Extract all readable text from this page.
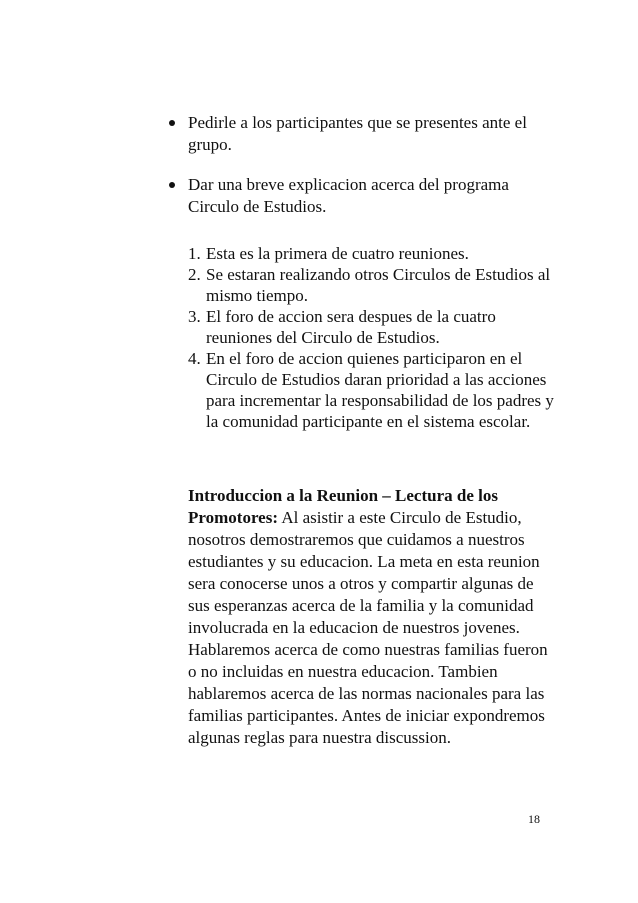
Pedirle a los participantes que se presentes ante el grupo.
Dar una breve explicacion acerca del programa Circulo de Estudios.
1. Esta es la primera de cuatro reuniones.
2. Se estaran realizando otros Circulos de Estudios al mismo tiempo.
3. El foro de accion sera despues de la cuatro reuniones del Circulo de Estudios.
4. En el foro de accion quienes participaron en el Circulo de Estudios daran prioridad a las acciones para incrementar la responsabilidad de los padres y la comunidad participante en el sistema escolar.

Introduccion a la Reunion – Lectura de los Promotores: Al asistir a este Circulo de Estudio, nosotros demostraremos que cuidamos a nuestros estudiantes y su educacion. La meta en esta reunion sera conocerse unos a otros y compartir algunas de sus esperanzas acerca de la familia y la comunidad involucrada en la educacion de nuestros jovenes. Hablaremos acerca de como nuestras familias fueron o no incluidas en nuestra educacion. Tambien hablaremos acerca de las normas nacionales para las familias participantes. Antes de iniciar expondremos algunas reglas para nuestra discussion.

18
